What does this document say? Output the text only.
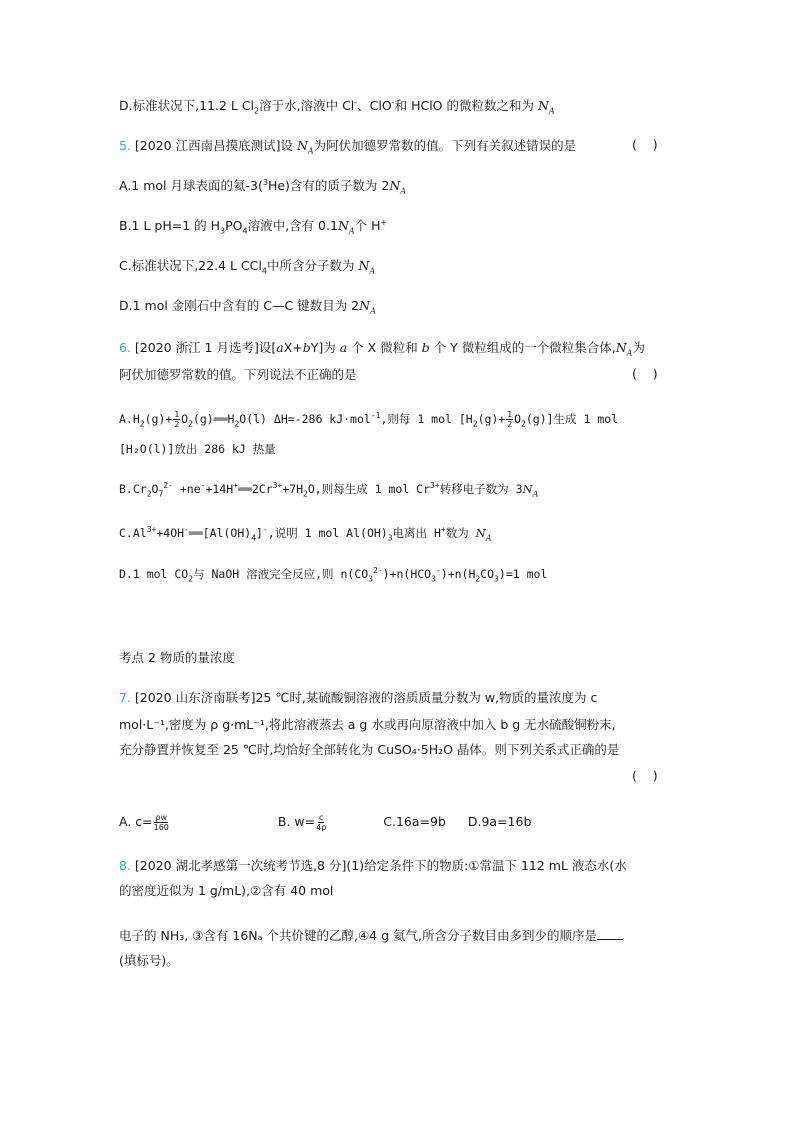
D.标准状况下,11.2 L $Cl_2$溶于水,溶液中 Cl-、ClO-和 HClO 的微粒数之和为 $N_A$
5. [2020 江西南昌摸底测试]设 $N_A$为阿伏加德罗常数的值。下列有关叙述错误的是	(    )
A.1 mol 月球表面的氦-3($^3$He)含有的质子数为 $2N_A$
B.1 L pH=1 的 $H_3PO_4$溶液中,含有 $0.1N_A$个 H+
C.标准状况下,22.4 L CCl$_4$中所含分子数为 $N_A$
D.1 mol 金刚石中含有的 C—C 键数目为 $2N_A$
6. [2020 浙江 1 月选考]设[aX+bY]为 a 个 X 微粒和 b 个 Y 微粒组成的一个微粒集合体$,N_A$为
阿伏加德罗常数的值。下列说法不正确的是	(    )
$A.H_2(g)+ \frac{1}{2}$ $O_2(g)══H_2O(l)$ ΔH=-286 kJ·mol$^{-1}$,则每 1 mol $[H_2(g)+ \frac{1}{2} O_2(g)]$生成 1 mol
[H₂O(l)]放出 286 kJ 热量
$B.Cr_2O_7^{2-}$ $+ne^-+14H^+══2Cr^{3+}+7H_2O$,则每生成 1 mol $Cr^{3+}$转移电子数为 $3N_A$
$C.Al^{3+}+4OH^-══[Al(OH)_4]^-$,说明 1 mol $Al(OH)_3$电离出 H+数为 $N_A$
D.1 mol $CO_2$与 NaOH 溶液完全反应,则 $n(CO_3^{2-})+n(HCO_3^-)+n(H_2CO_3)=1$ mol
考点 2 物质的量浓度
7. [2020 山东济南联考]25 ℃时,某硫酸铜溶液的溶质质量分数为 w,物质的量浓度为 c
mol·L⁻¹,密度为 ρ g·mL⁻¹,将此溶液蒸去 a g 水或再向原溶液中加入 b g 无水硫酸铜粉末,
充分静置并恢复至 25 ℃时,均恰好全部转化为 CuSO₄·5H₂O 晶体。则下列关系式正确的是
(    )
A. $c= \frac{\rho w}{160}$	B. $w= \frac{c}{4\rho}$	C.16a=9b D.9a=16b
8. [2020 湖北孝感第一次统考节选,8 分](1)给定条件下的物质:①常温下 112 mL 液态水(水
的密度近似为 1 g/mL),②含有 40 mol
电子的 NH₃, ③含有 16Nₐ 个共价键的乙醇,④4 g 氦气,所含分子数目由多到少的顺序是
(填标号)。
